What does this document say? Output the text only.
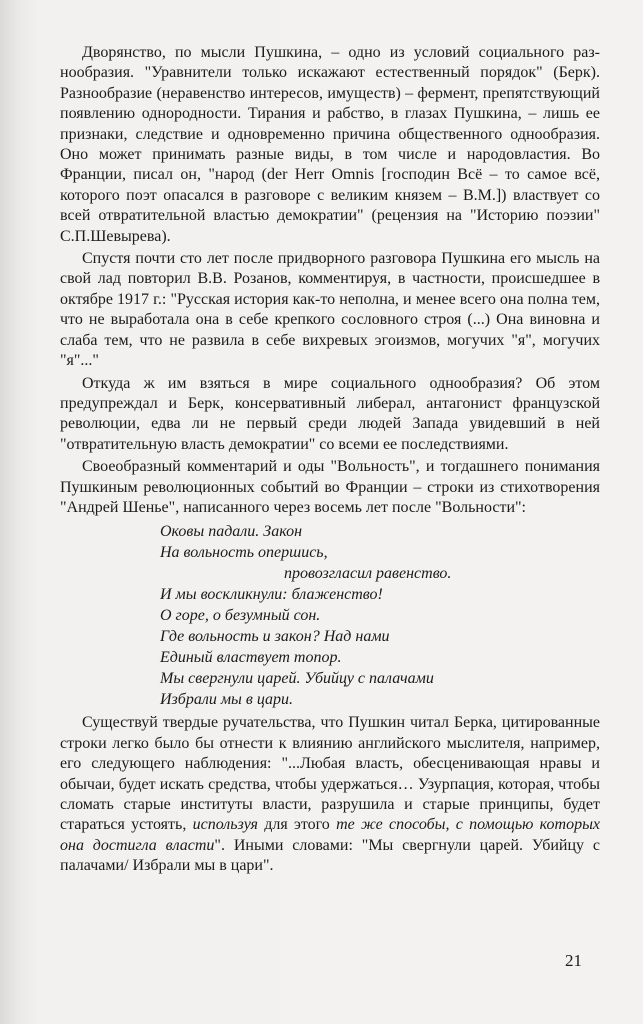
Дворянство, по мысли Пушкина, – одно из условий социального разнообразия. "Уравнители только искажают естественный порядок" (Берк). Разнообразие (неравенство интересов, имуществ) – фермент, препятствующий появлению однородности. Тирания и рабство, в глазах Пушкина, – лишь ее признаки, следствие и одновременно причина общественного однообразия. Оно может принимать разные виды, в том числе и народовластия. Во Франции, писал он, "народ (der Herr Omnis [господин Всё – то самое всё, которого поэт опасался в разговоре с великим князем – В.М.]) властвует со всей отвратительной властью демократии" (рецензия на "Историю поэзии" С.П.Шевырева).

Спустя почти сто лет после придворного разговора Пушкина его мысль на свой лад повторил В.В. Розанов, комментируя, в частности, происшедшее в октябре 1917 г.: "Русская история как-то неполна, и менее всего она полна тем, что не выработала она в себе крепкого сословного строя (...) Она виновна и слаба тем, что не развила в себе вихревых эгоизмов, могучих "я", могучих "я"..."

Откуда ж им взяться в мире социального однообразия? Об этом предупреждал и Берк, консервативный либерал, антагонист французской революции, едва ли не первый среди людей Запада увидевший в ней "отвратительную власть демократии" со всеми ее последствиями.

Своеобразный комментарий и оды "Вольность", и тогдашнего понимания Пушкиным революционных событий во Франции – строки из стихотворения "Андрей Шенье", написанного через восемь лет после "Вольности":

Оковы падали. Закон
На вольность опершись,
провозгласил равенство.
И мы воскликнули: блаженство!
О горе, о безумный сон.
Где вольность и закон? Над нами
Единый властвует топор.
Мы свергнули царей. Убийцу с палачами
Избрали мы в цари.

Существуй твердые ручательства, что Пушкин читал Берка, цитированные строки легко было бы отнести к влиянию английского мыслителя, например, его следующего наблюдения: "...Любая власть, обесценивающая нравы и обычаи, будет искать средства, чтобы удержаться… Узурпация, которая, чтобы сломать старые институты власти, разрушила и старые принципы, будет стараться устоять, используя для этого те же способы, с помощью которых она достигла власти". Иными словами: "Мы свергнули царей. Убийцу с палачами/ Избрали мы в цари".

21
